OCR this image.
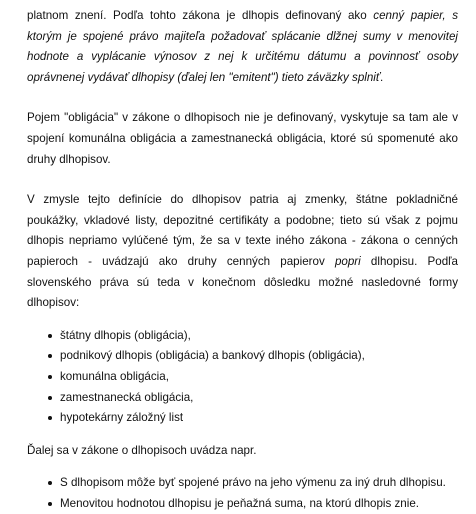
platnom znení. Podľa tohto zákona je dlhopis definovaný ako cenný papier, s ktorým je spojené právo majiteľa požadovať splácanie dlžnej sumy v menovitej hodnote a vyplácanie výnosov z nej k určitému dátumu a povinnosť osoby oprávnenej vydávať dlhopisy (ďalej len "emitent") tieto záväzky splniť.

Pojem "obligácia" v zákone o dlhopisoch nie je definovaný, vyskytuje sa tam ale v spojení komunálna obligácia a zamestnanecká obligácia, ktoré sú spomenuté ako druhy dlhopisov.

V zmysle tejto definície do dlhopisov patria aj zmenky, štátne pokladničné poukážky, vkladové listy, depozitné certifikáty a podobne; tieto sú však z pojmu dlhopis nepriamo vylúčené tým, že sa v texte iného zákona - zákona o cenných papieroch - uvádzajú ako druhy cenných papierov popri dlhopisu. Podľa slovenského práva sú teda v konečnom dôsledku možné nasledovné formy dlhopisov:

štátny dlhopis (obligácia),
podnikový dlhopis (obligácia) a bankový dlhopis (obligácia),
komunálna obligácia,
zamestnanecká obligácia,
hypotekárny záložný list

Ďalej sa v zákone o dlhopisoch uvádza napr.

S dlhopisom môže byť spojené právo na jeho výmenu za iný druh dlhopisu.
Menovitou hodnotou dlhopisu je peňažná suma, na ktorú dlhopis znie.
